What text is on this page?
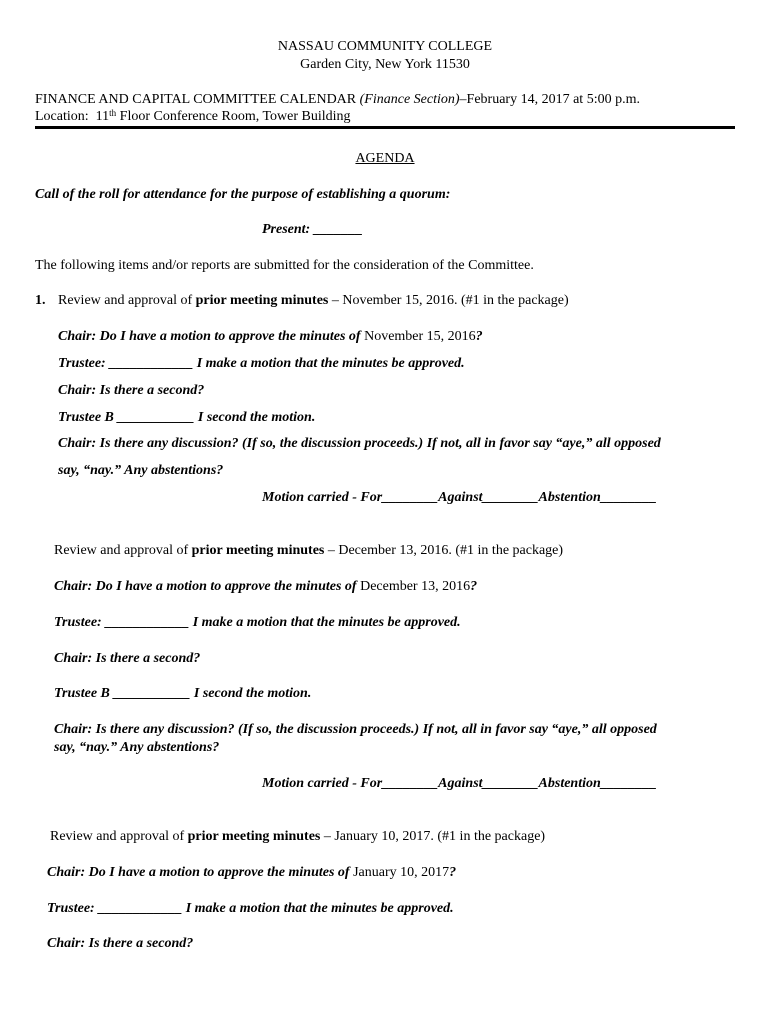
NASSAU COMMUNITY COLLEGE
Garden City, New York 11530
FINANCE AND CAPITAL COMMITTEE CALENDAR (Finance Section)–February 14, 2017 at 5:00 p.m.
Location: 11th Floor Conference Room, Tower Building
AGENDA
Call of the roll for attendance for the purpose of establishing a quorum:
Present: _______
The following items and/or reports are submitted for the consideration of the Committee.
1. Review and approval of prior meeting minutes – November 15, 2016. (#1 in the package)
Chair: Do I have a motion to approve the minutes of November 15, 2016?
Trustee: ____________ I make a motion that the minutes be approved.
Chair: Is there a second?
Trustee B ___________ I second the motion.
Chair: Is there any discussion? (If so, the discussion proceeds.) If not, all in favor say “aye,” all opposed
say, “nay.” Any abstentions?
Motion carried - For________Against________Abstention________
Review and approval of prior meeting minutes – December 13, 2016. (#1 in the package)
Chair: Do I have a motion to approve the minutes of December 13, 2016?
Trustee: ____________ I make a motion that the minutes be approved.
Chair: Is there a second?
Trustee B ___________ I second the motion.
Chair: Is there any discussion? (If so, the discussion proceeds.) If not, all in favor say “aye,” all opposed
say, “nay.” Any abstentions?
Motion carried - For________Against________Abstention________
Review and approval of prior meeting minutes – January 10, 2017. (#1 in the package)
Chair: Do I have a motion to approve the minutes of January 10, 2017?
Trustee: ____________ I make a motion that the minutes be approved.
Chair: Is there a second?
